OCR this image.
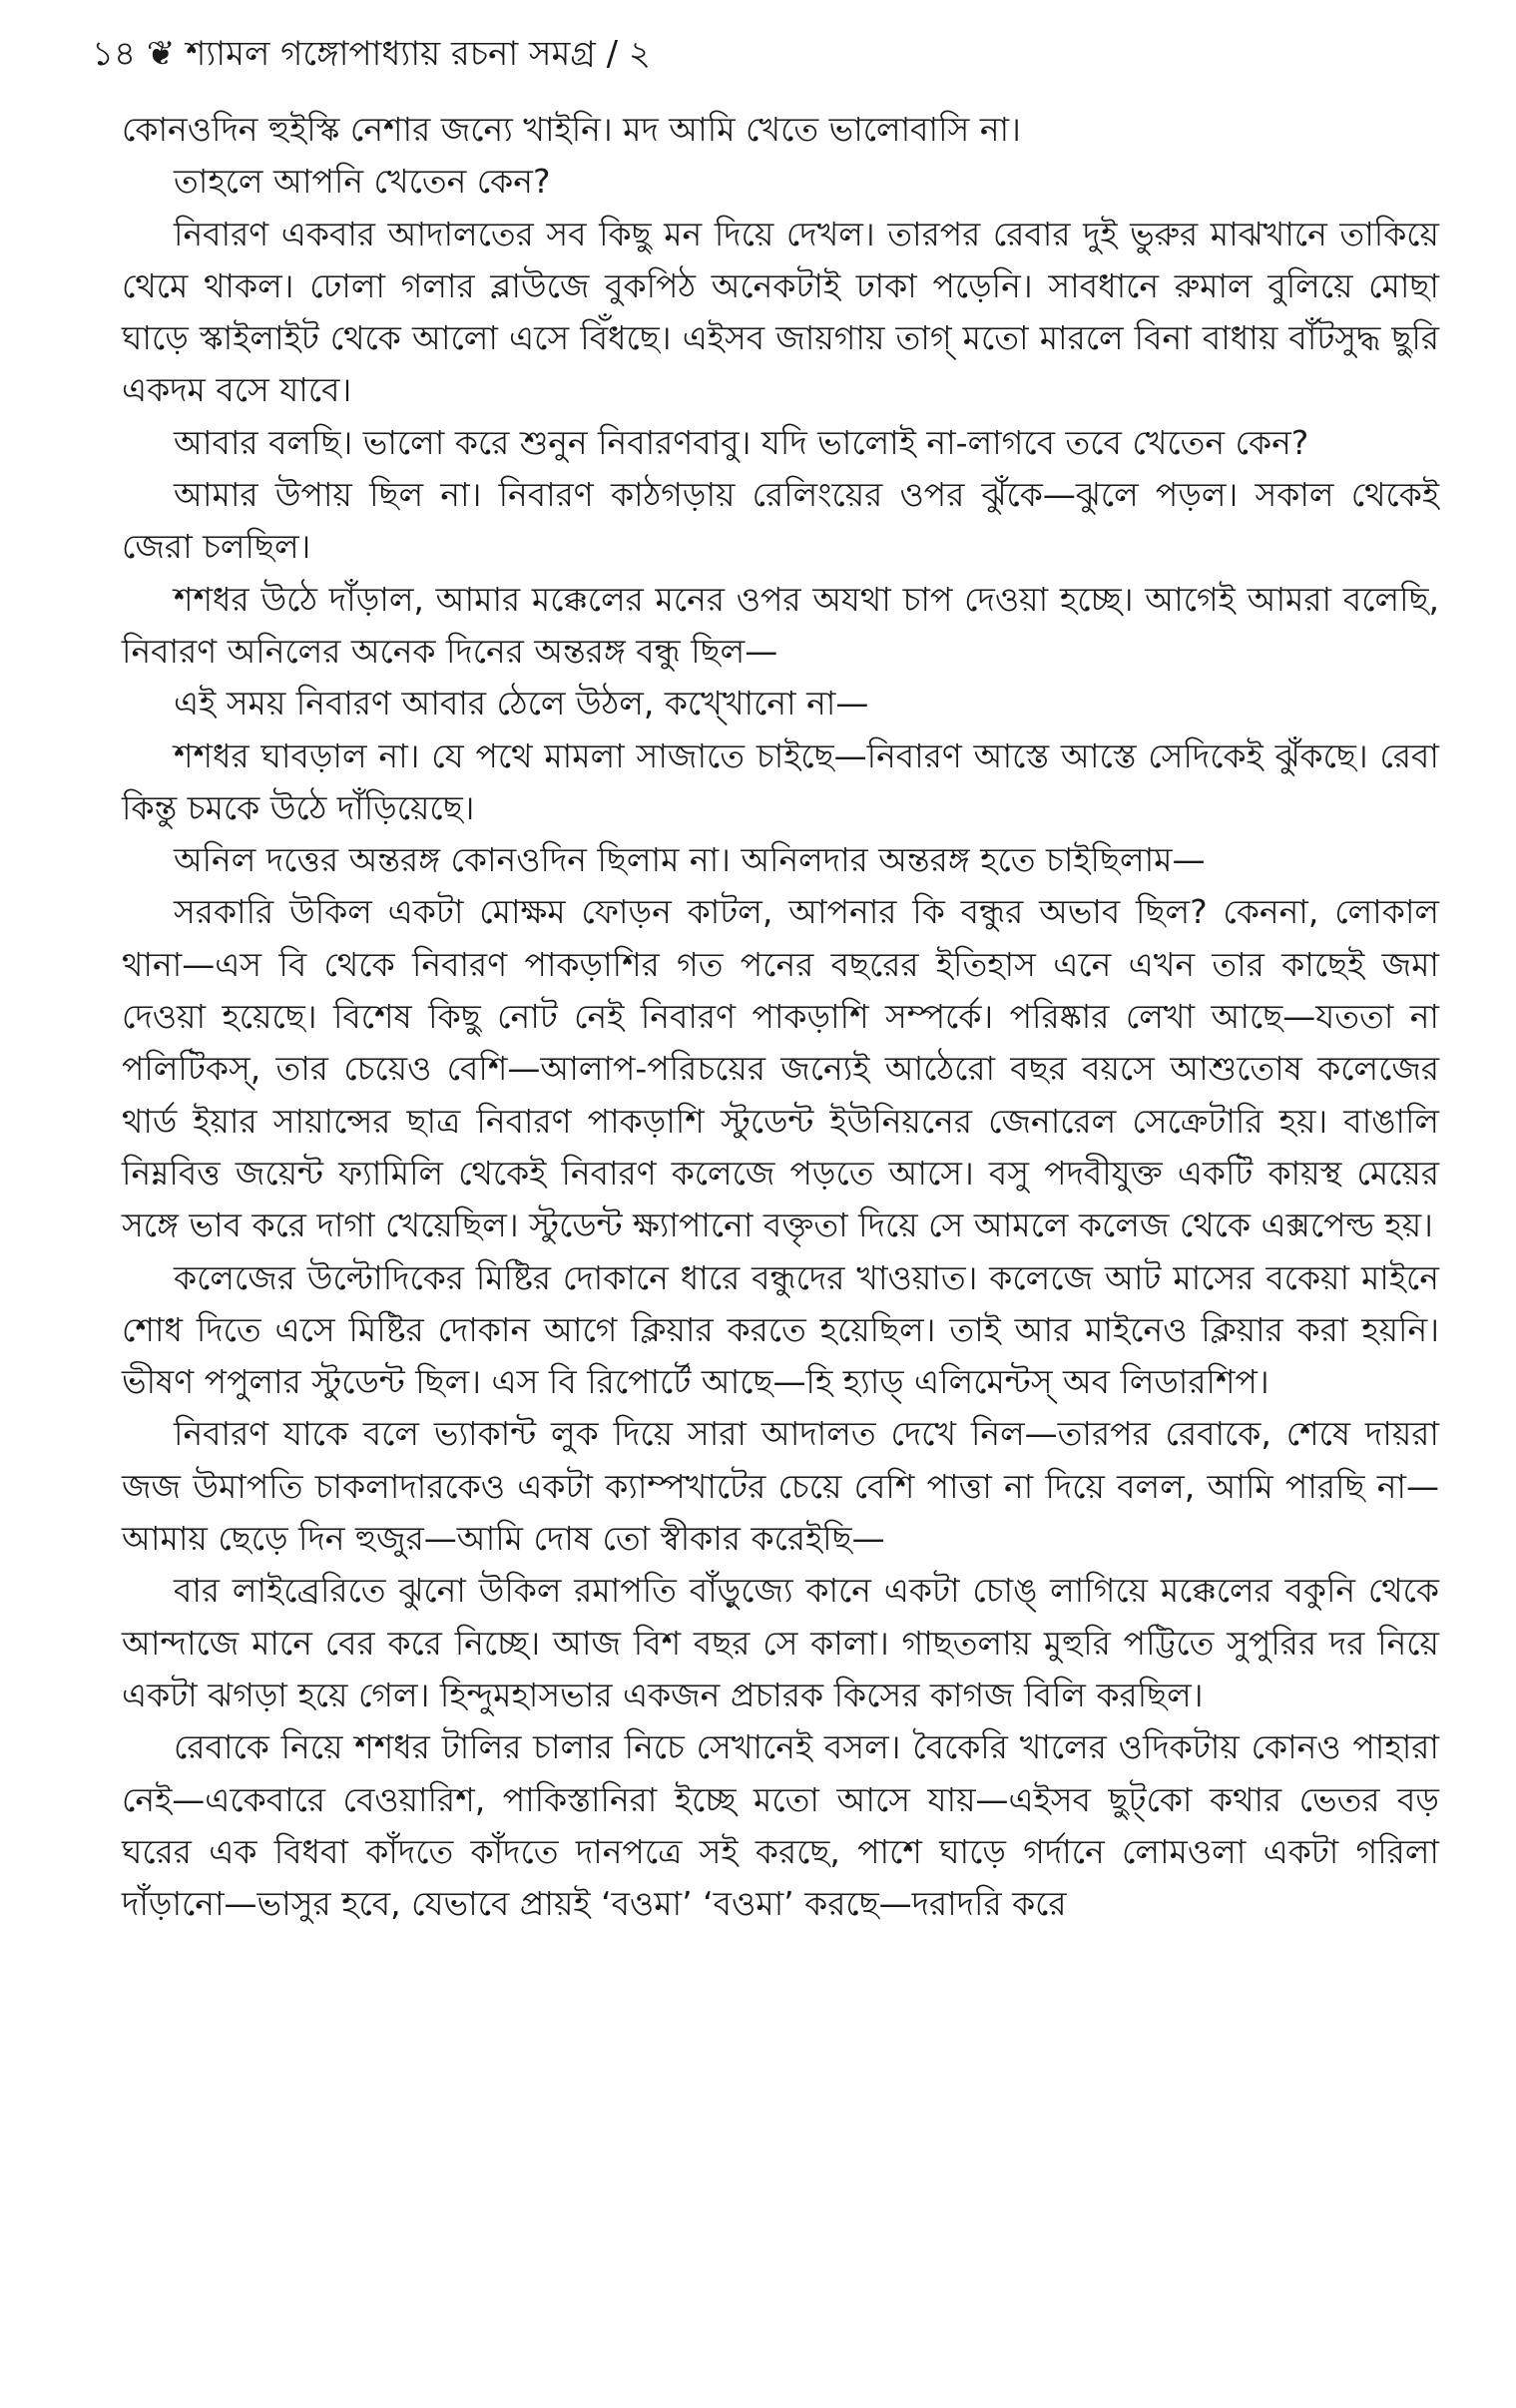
১৪ ❦ শ্যামল গঙ্গোপাধ্যায় রচনা সমগ্র / ২

কোনওদিন হুইস্কি নেশার জন্যে খাইনি। মদ আমি খেতে ভালোবাসি না।

তাহলে আপনি খেতেন কেন?

নিবারণ একবার আদালতের সব কিছু মন দিয়ে দেখল। তারপর রেবার দুই ভুরুর মাঝখানে তাকিয়ে থেমে থাকল। ঢোলা গলার ব্লাউজে বুকপিঠ অনেকটাই ঢাকা পড়েনি। সাবধানে রুমাল বুলিয়ে মোছা ঘাড়ে স্কাইলাইট থেকে আলো এসে বিঁধছে। এইসব জায়গায় তাগ্ মতো মারলে বিনা বাধায় বাঁটসুদ্ধ ছুরি একদম বসে যাবে।

আবার বলছি। ভালো করে শুনুন নিবারণবাবু। যদি ভালোই না-লাগবে তবে খেতেন কেন?

আমার উপায় ছিল না। নিবারণ কাঠগড়ায় রেলিংয়ের ওপর ঝুঁকে—ঝুলে পড়ল। সকাল থেকেই জেরা চলছিল।

শশধর উঠে দাঁড়াল, আমার মক্কেলের মনের ওপর অযথা চাপ দেওয়া হচ্ছে। আগেই আমরা বলেছি, নিবারণ অনিলের অনেক দিনের অন্তরঙ্গ বন্ধু ছিল—

এই সময় নিবারণ আবার ঠেলে উঠল, কখ্খোনো না—

শশধর ঘাবড়াল না। যে পথে মামলা সাজাতে চাইছে—নিবারণ আস্তে আস্তে সেদিকেই ঝুঁকছে। রেবা কিন্তু চমকে উঠে দাঁড়িয়েছে।

অনিল দত্তের অন্তরঙ্গ কোনওদিন ছিলাম না। অনিলদার অন্তরঙ্গ হতে চাইছিলাম—

সরকারি উকিল একটা মোক্ষম ফোড়ন কাটল, আপনার কি বন্ধুর অভাব ছিল? কেননা, লোকাল থানা—এস বি থেকে নিবারণ পাকড়াশির গত পনের বছরের ইতিহাস এনে এখন তার কাছেই জমা দেওয়া হয়েছে। বিশেষ কিছু নোট নেই নিবারণ পাকড়াশি সম্পর্কে। পরিষ্কার লেখা আছে—যততা না পলিটিকস্, তার চেয়েও বেশি—আলাপ-পরিচয়ের জন্যেই আঠেরো বছর বয়সে আশুতোষ কলেজের থার্ড ইয়ার সায়ান্সের ছাত্র নিবারণ পাকড়াশি স্টুডেন্ট ইউনিয়নের জেনারেল সেক্রেটারি হয়। বাঙালি নিম্নবিত্ত জয়েন্ট ফ্যামিলি থেকেই নিবারণ কলেজে পড়তে আসে। বসু পদবীযুক্ত একটি কায়স্থ মেয়ের সঙ্গে ভাব করে দাগা খেয়েছিল। স্টুডেন্ট ক্ষ্যাপানো বক্তৃতা দিয়ে সে আমলে কলেজ থেকে এক্সপেল্ড হয়।

কলেজের উল্টোদিকের মিষ্টির দোকানে ধারে বন্ধুদের খাওয়াত। কলেজে আট মাসের বকেয়া মাইনে শোধ দিতে এসে মিষ্টির দোকান আগে ক্লিয়ার করতে হয়েছিল। তাই আর মাইনেও ক্লিয়ার করা হয়নি। ভীষণ পপুলার স্টুডেন্ট ছিল। এস বি রিপোর্টে আছে—হি হ্যাড্ এলিমেন্টস্ অব লিডারশিপ।

নিবারণ যাকে বলে ভ্যাকান্ট লুক দিয়ে সারা আদালত দেখে নিল—তারপর রেবাকে, শেষে দায়রা জজ উমাপতি চাকলাদারকেও একটা ক্যাম্পখাটের চেয়ে বেশি পাত্তা না দিয়ে বলল, আমি পারছি না—আমায় ছেড়ে দিন হুজুর—আমি দোষ তো স্বীকার করেইছি—

বার লাইব্রেরিতে ঝুনো উকিল রমাপতি বাঁড়ুজ্যে কানে একটা চোঙ্ লাগিয়ে মক্কেলের বকুনি থেকে আন্দাজে মানে বের করে নিচ্ছে। আজ বিশ বছর সে কালা। গাছতলায় মুহুরি পট্টিতে সুপুরির দর নিয়ে একটা ঝগড়া হয়ে গেল। হিন্দুমহাসভার একজন প্রচারক কিসের কাগজ বিলি করছিল।

রেবাকে নিয়ে শশধর টালির চালার নিচে সেখানেই বসল। বৈকেরি খালের ওদিকটায় কোনও পাহারা নেই—একেবারে বেওয়ারিশ, পাকিস্তানিরা ইচ্ছে মতো আসে যায়—এইসব ছুট্‌কো কথার ভেতর বড় ঘরের এক বিধবা কাঁদতে কাঁদতে দানপত্রে সই করছে, পাশে ঘাড়ে গর্দানে লোমওলা একটা গরিলা দাঁড়ানো—ভাসুর হবে, যেভাবে প্রায়ই ‘বওমা’ ‘বওমা’ করছে—দরাদরি করে
